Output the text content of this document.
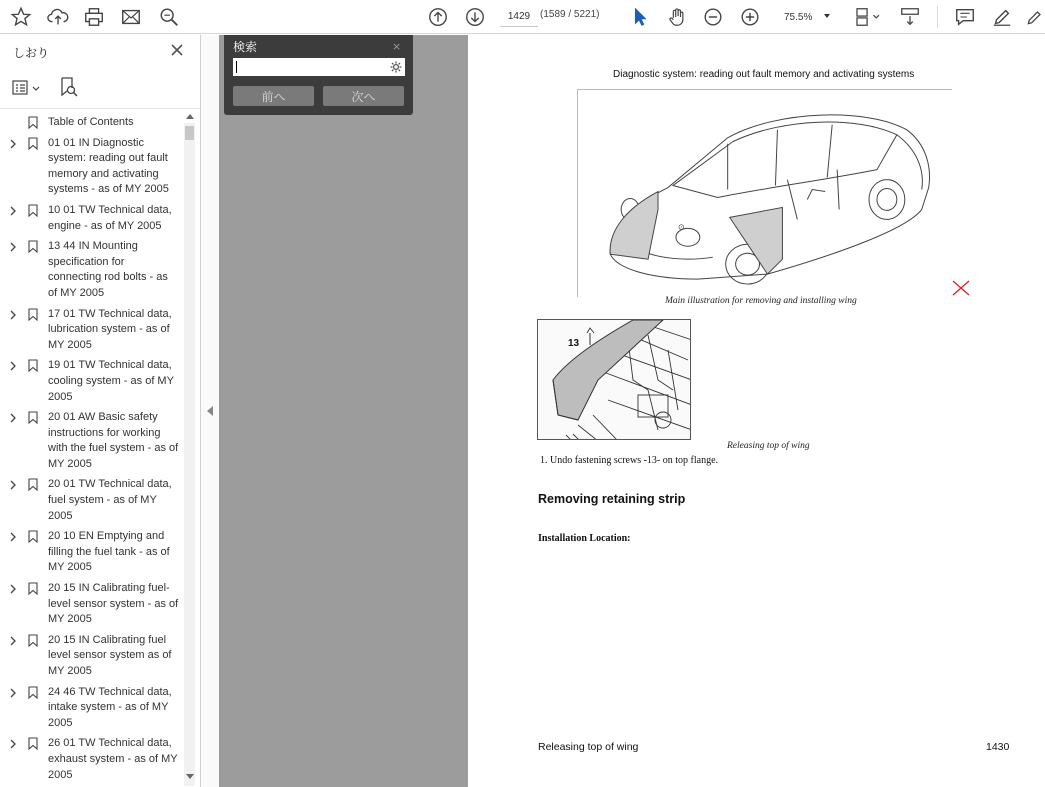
1429 (1589 / 5221)	75.5%
しおり
Table of Contents
01 01 IN Diagnostic system: reading out fault memory and activating systems - as of MY 2005
10 01 TW Technical data, engine - as of MY 2005
13 44 IN Mounting specification for connecting rod bolts - as of MY 2005
17 01 TW Technical data, lubrication system - as of MY 2005
19 01 TW Technical data, cooling system - as of MY 2005
20 01 AW Basic safety instructions for working with the fuel system - as of MY 2005
20 01 TW Technical data, fuel system - as of MY 2005
20 10 EN Emptying and filling the fuel tank - as of MY 2005
20 15 IN Calibrating fuel-level sensor system - as of MY 2005
20 15 IN Calibrating fuel level sensor system as of MY 2005
24 46 TW Technical data, intake system - as of MY 2005
26 01 TW Technical data, exhaust system - as of MY 2005
Diagnostic system: reading out fault memory and activating systems
⊙
Main illustration for removing and installing wing
13
Releasing top of wing
1. Undo fastening screws -13- on top flange.
Removing retaining strip
Installation Location:
Releasing top of wing	1430
検索	×
前へ	次へ
